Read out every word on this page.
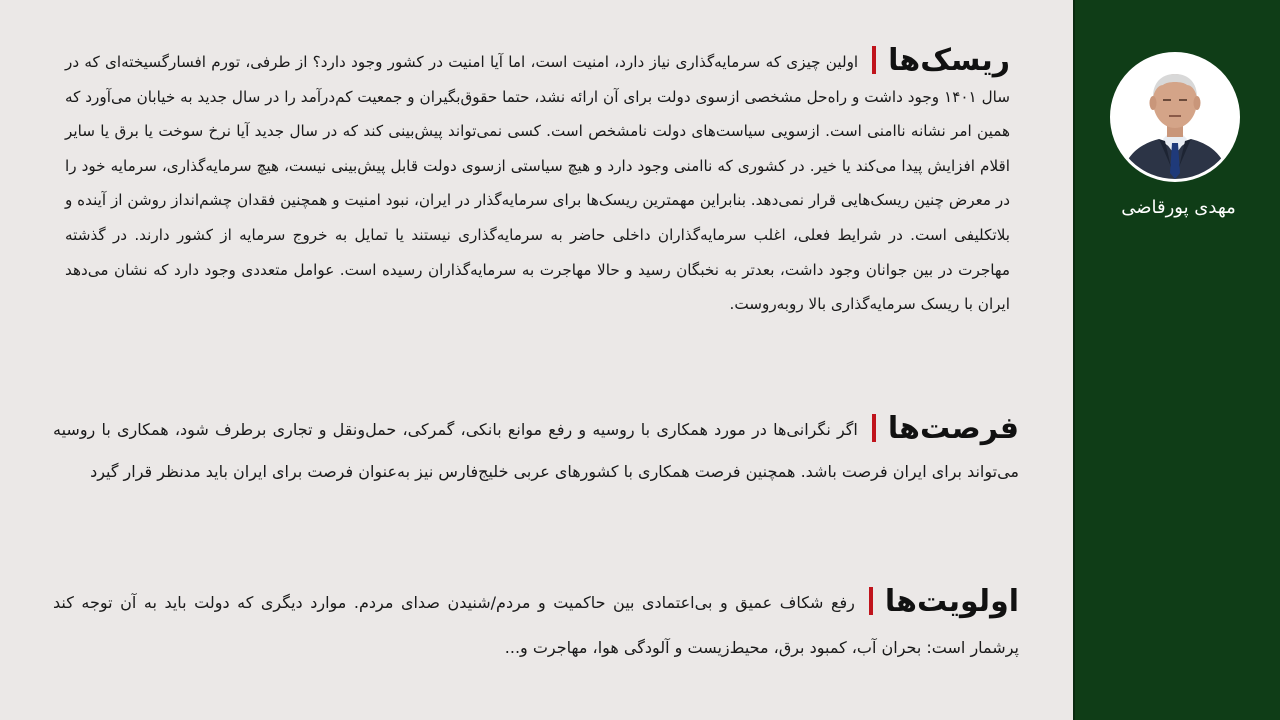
ریسک‌هااولین چیزی که سرمایه‌گذاری نیاز دارد، امنیت است، اما آیا امنیت در کشور وجود دارد؟ از طرفی، تورم افسارگسیخته‌ای که در سال ۱۴۰۱ وجود داشت و راه‌حل مشخصی ازسوی دولت برای آن ارائه نشد، حتما حقوق‌بگیران و جمعیت کم‌درآمد را در سال جدید به خیابان می‌آورد که همین امر نشانه ناامنی است. ازسویی سیاست‌های دولت نامشخص است. کسی نمی‌تواند پیش‌بینی کند که در سال جدید آیا نرخ سوخت یا برق یا سایر اقلام افزایش پیدا می‌کند یا خیر. در کشوری که ناامنی وجود دارد و هیچ سیاستی ازسوی دولت قابل پیش‌بینی نیست، هیچ سرمایه‌گذاری، سرمایه خود را در معرض چنین ریسک‌هایی قرار نمی‌دهد. بنابراین مهمترین ریسک‌ها برای سرمایه‌گذار در ایران، نبود امنیت و همچنین فقدان چشم‌انداز روشن از آینده و بلاتکلیفی است. در شرایط فعلی، اغلب سرمایه‌گذاران داخلی حاضر به سرمایه‌گذاری نیستند یا تمایل به خروج سرمایه از کشور دارند. در گذشته مهاجرت در بین جوانان وجود داشت، بعدتر به نخبگان رسید و حالا مهاجرت به سرمایه‌گذاران رسیده است. عوامل متعددی وجود دارد که نشان می‌دهد ایران با ریسک سرمایه‌گذاری بالا روبه‌روست.
فرصت‌هااگر نگرانی‌ها در مورد همکاری با روسیه و رفع موانع بانکی، گمرکی، حمل‌ونقل و تجاری برطرف شود، همکاری با روسیه می‌تواند برای ایران فرصت باشد. همچنین فرصت همکاری با کشورهای عربی خلیج‌فارس نیز به‌عنوان فرصت برای ایران باید مدنظر قرار گیرد
اولویت‌هارفع شکاف عمیق و بی‌اعتمادی بین حاکمیت و مردم/شنیدن صدای مردم. موارد دیگری که دولت باید به آن توجه کند پرشمار است: بحران آب، کمبود برق، محیط‌زیست و آلودگی هوا، مهاجرت و...
مهدی پورقاضی
